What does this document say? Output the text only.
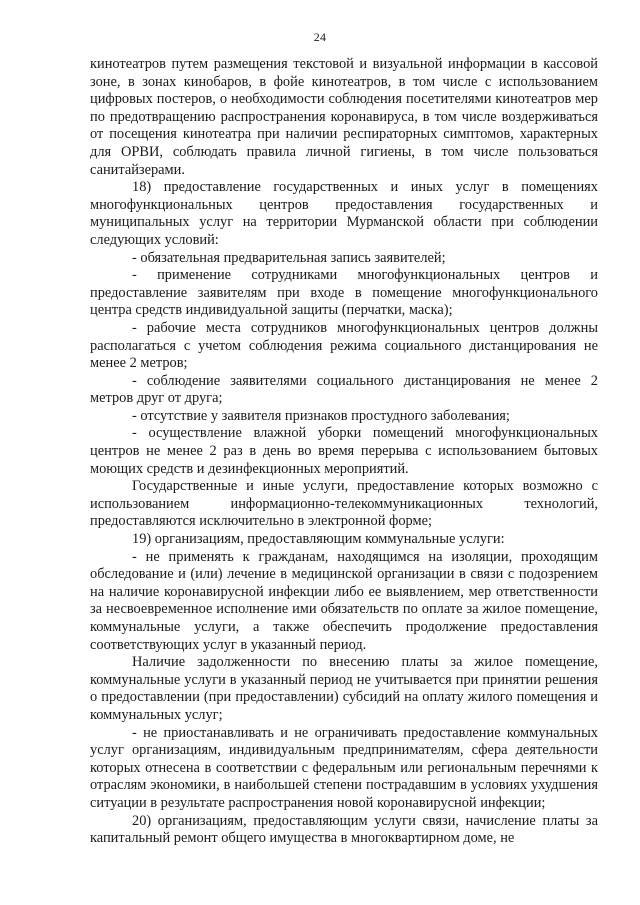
24

кинотеатров путем размещения текстовой и визуальной информации в кассовой зоне, в зонах кинобаров, в фойе кинотеатров, в том числе с использованием цифровых постеров, о необходимости соблюдения посетителями кинотеатров мер по предотвращению распространения коронавируса, в том числе воздерживаться от посещения кинотеатра при наличии респираторных симптомов, характерных для ОРВИ, соблюдать правила личной гигиены, в том числе пользоваться санитайзерами.

18) предоставление государственных и иных услуг в помещениях многофункциональных центров предоставления государственных и муниципальных услуг на территории Мурманской области при соблюдении следующих условий:

- обязательная предварительная запись заявителей;

- применение сотрудниками многофункциональных центров и предоставление заявителям при входе в помещение многофункционального центра средств индивидуальной защиты (перчатки, маска);

- рабочие места сотрудников многофункциональных центров должны располагаться с учетом соблюдения режима социального дистанцирования не менее 2 метров;

- соблюдение заявителями социального дистанцирования не менее 2 метров друг от друга;

- отсутствие у заявителя признаков простудного заболевания;

- осуществление влажной уборки помещений многофункциональных центров не менее 2 раз в день во время перерыва с использованием бытовых моющих средств и дезинфекционных мероприятий.

Государственные и иные услуги, предоставление которых возможно с использованием информационно-телекоммуникационных технологий, предоставляются исключительно в электронной форме;

19) организациям, предоставляющим коммунальные услуги:

- не применять к гражданам, находящимся на изоляции, проходящим обследование и (или) лечение в медицинской организации в связи с подозрением на наличие коронавирусной инфекции либо ее выявлением, мер ответственности за несвоевременное исполнение ими обязательств по оплате за жилое помещение, коммунальные услуги, а также обеспечить продолжение предоставления соответствующих услуг в указанный период.

Наличие задолженности по внесению платы за жилое помещение, коммунальные услуги в указанный период не учитывается при принятии решения о предоставлении (при предоставлении) субсидий на оплату жилого помещения и коммунальных услуг;

- не приостанавливать и не ограничивать предоставление коммунальных услуг организациям, индивидуальным предпринимателям, сфера деятельности которых отнесена в соответствии с федеральным или региональным перечнями к отраслям экономики, в наибольшей степени пострадавшим в условиях ухудшения ситуации в результате распространения новой коронавирусной инфекции;

20) организациям, предоставляющим услуги связи, начисление платы за капитальный ремонт общего имущества в многоквартирном доме, не
